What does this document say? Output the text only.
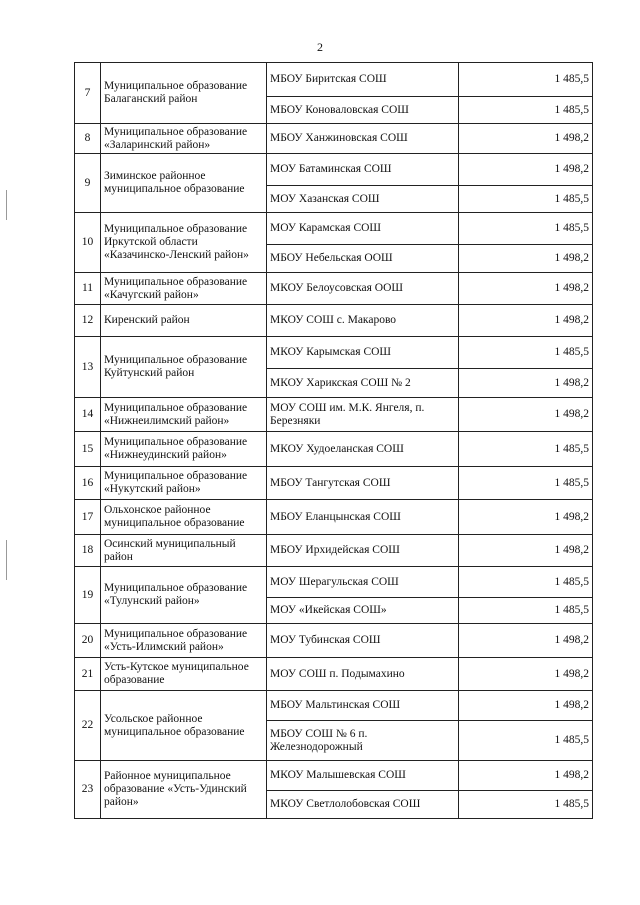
2
7	Муниципальное образование Балаганский район	МБОУ Биритская СОШ	1 485,5
		МБОУ Коноваловская СОШ	1 485,5
8	Муниципальное образование «Заларинский район»	МБОУ Ханжиновская СОШ	1 498,2
9	Зиминское районное муниципальное образование	МОУ Батаминская СОШ	1 498,2
		МОУ Хазанская СОШ	1 485,5
10	Муниципальное образование Иркутской области «Казачинско-Ленский район»	МОУ Карамская СОШ	1 485,5
		МБОУ Небельская ООШ	1 498,2
11	Муниципальное образование «Качугский район»	МКОУ Белоусовская ООШ	1 498,2
12	Киренский район	МКОУ СОШ с. Макарово	1 498,2
13	Муниципальное образование Куйтунский район	МКОУ Карымская СОШ	1 485,5
		МКОУ Харикская СОШ № 2	1 498,2
14	Муниципальное образование «Нижнеилимский район»	МОУ СОШ им. М.К. Янгеля, п. Березняки	1 498,2
15	Муниципальное образование «Нижнеудинский район»	МКОУ Худоеланская СОШ	1 485,5
16	Муниципальное образование «Нукутский район»	МБОУ Тангутская СОШ	1 485,5
17	Ольхонское районное муниципальное образование	МБОУ Еланцынская СОШ	1 498,2
18	Осинский муниципальный район	МБОУ Ирхидейская СОШ	1 498,2
19	Муниципальное образование «Тулунский район»	МОУ Шерагульская СОШ	1 485,5
		МОУ «Икейская СОШ»	1 485,5
20	Муниципальное образование «Усть-Илимский район»	МОУ Тубинская СОШ	1 498,2
21	Усть-Кутское муниципальное образование	МОУ СОШ п. Подымахино	1 498,2
22	Усольское районное муниципальное образование	МБОУ Мальтинская СОШ	1 498,2
		МБОУ СОШ № 6 п. Железнодорожный	1 485,5
23	Районное муниципальное образование «Усть-Удинский район»	МКОУ Малышевская СОШ	1 498,2
		МКОУ Светлолобовская СОШ	1 485,5
